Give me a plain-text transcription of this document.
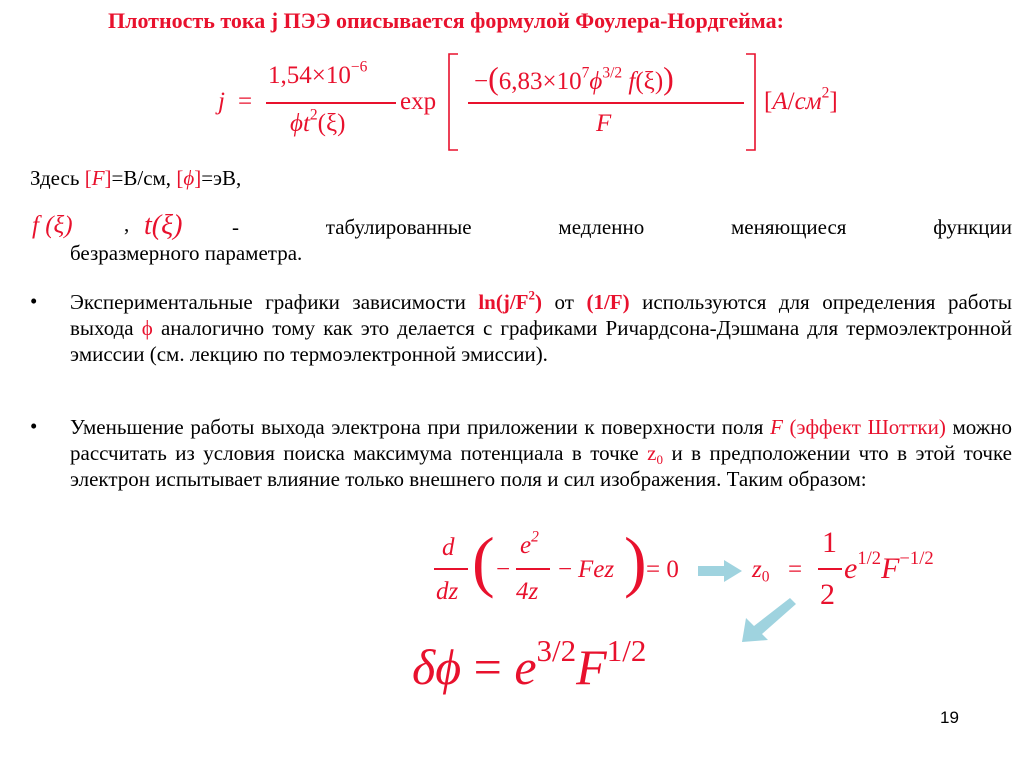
Плотность тока j ПЭЭ описывается формулой Фоулера-Нордгейма:
j =
$1,54\times 10^{-6}$
$\phi t^2(\xi)$
exp
$-(6,83\times 10^7\phi^{3/2}$ f(ξ))
F
$[A/см^2]$
Здесь [F]=В/см, [ϕ]=эВ,
f (ξ) , t(ξ) - табулированные медленно меняющиеся функции
безразмерного параметра.
• Экспериментальные графики зависимости $\ln(j/F^2)$ от (1/F) используются для определения работы выхода ϕ аналогично тому как это делается с графиками Ричардсона-Дэшмана для термоэлектронной эмиссии (см. лекцию по термоэлектронной эмиссии).
• Уменьшение работы выхода электрона при приложении к поверхности поля F (эффект Шоттки) можно рассчитать из условия поиска максимума потенциала в точке $z_0$ и в предположении что в этой точке электрон испытывает влияние только внешнего поля и сил изображения. Таким образом:
d
dz ( −
$e^2$
4z
− Fez ) = 0	$z_0$ =
1
2
$e^{1/2}F^{-1/2}$
$\delta\phi = e^{3/2}F^{1/2}$
19
